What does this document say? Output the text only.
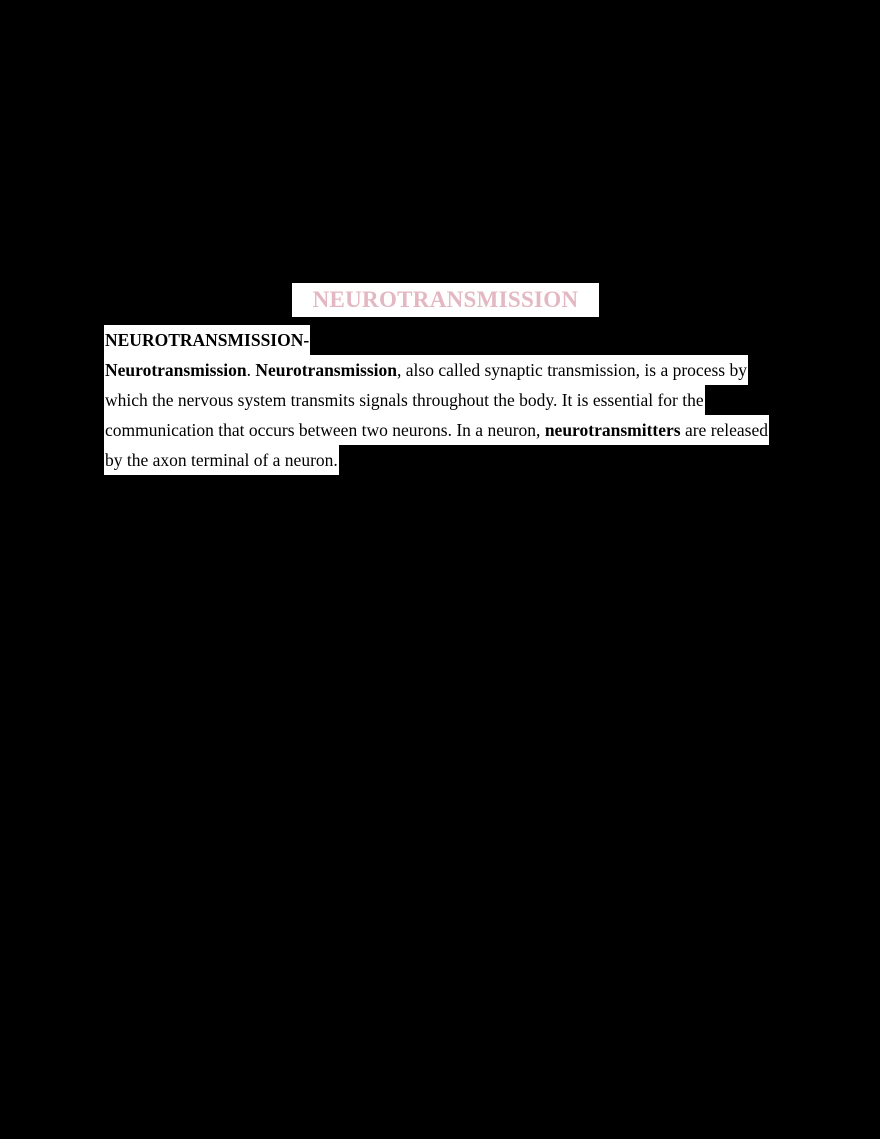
NEUROTRANSMISSION
NEUROTRANSMISSION-
Neurotransmission. Neurotransmission, also called synaptic transmission, is a process by
which the nervous system transmits signals throughout the body. It is essential for the
communication that occurs between two neurons. In a neuron, neurotransmitters are released
by the axon terminal of a neuron.
